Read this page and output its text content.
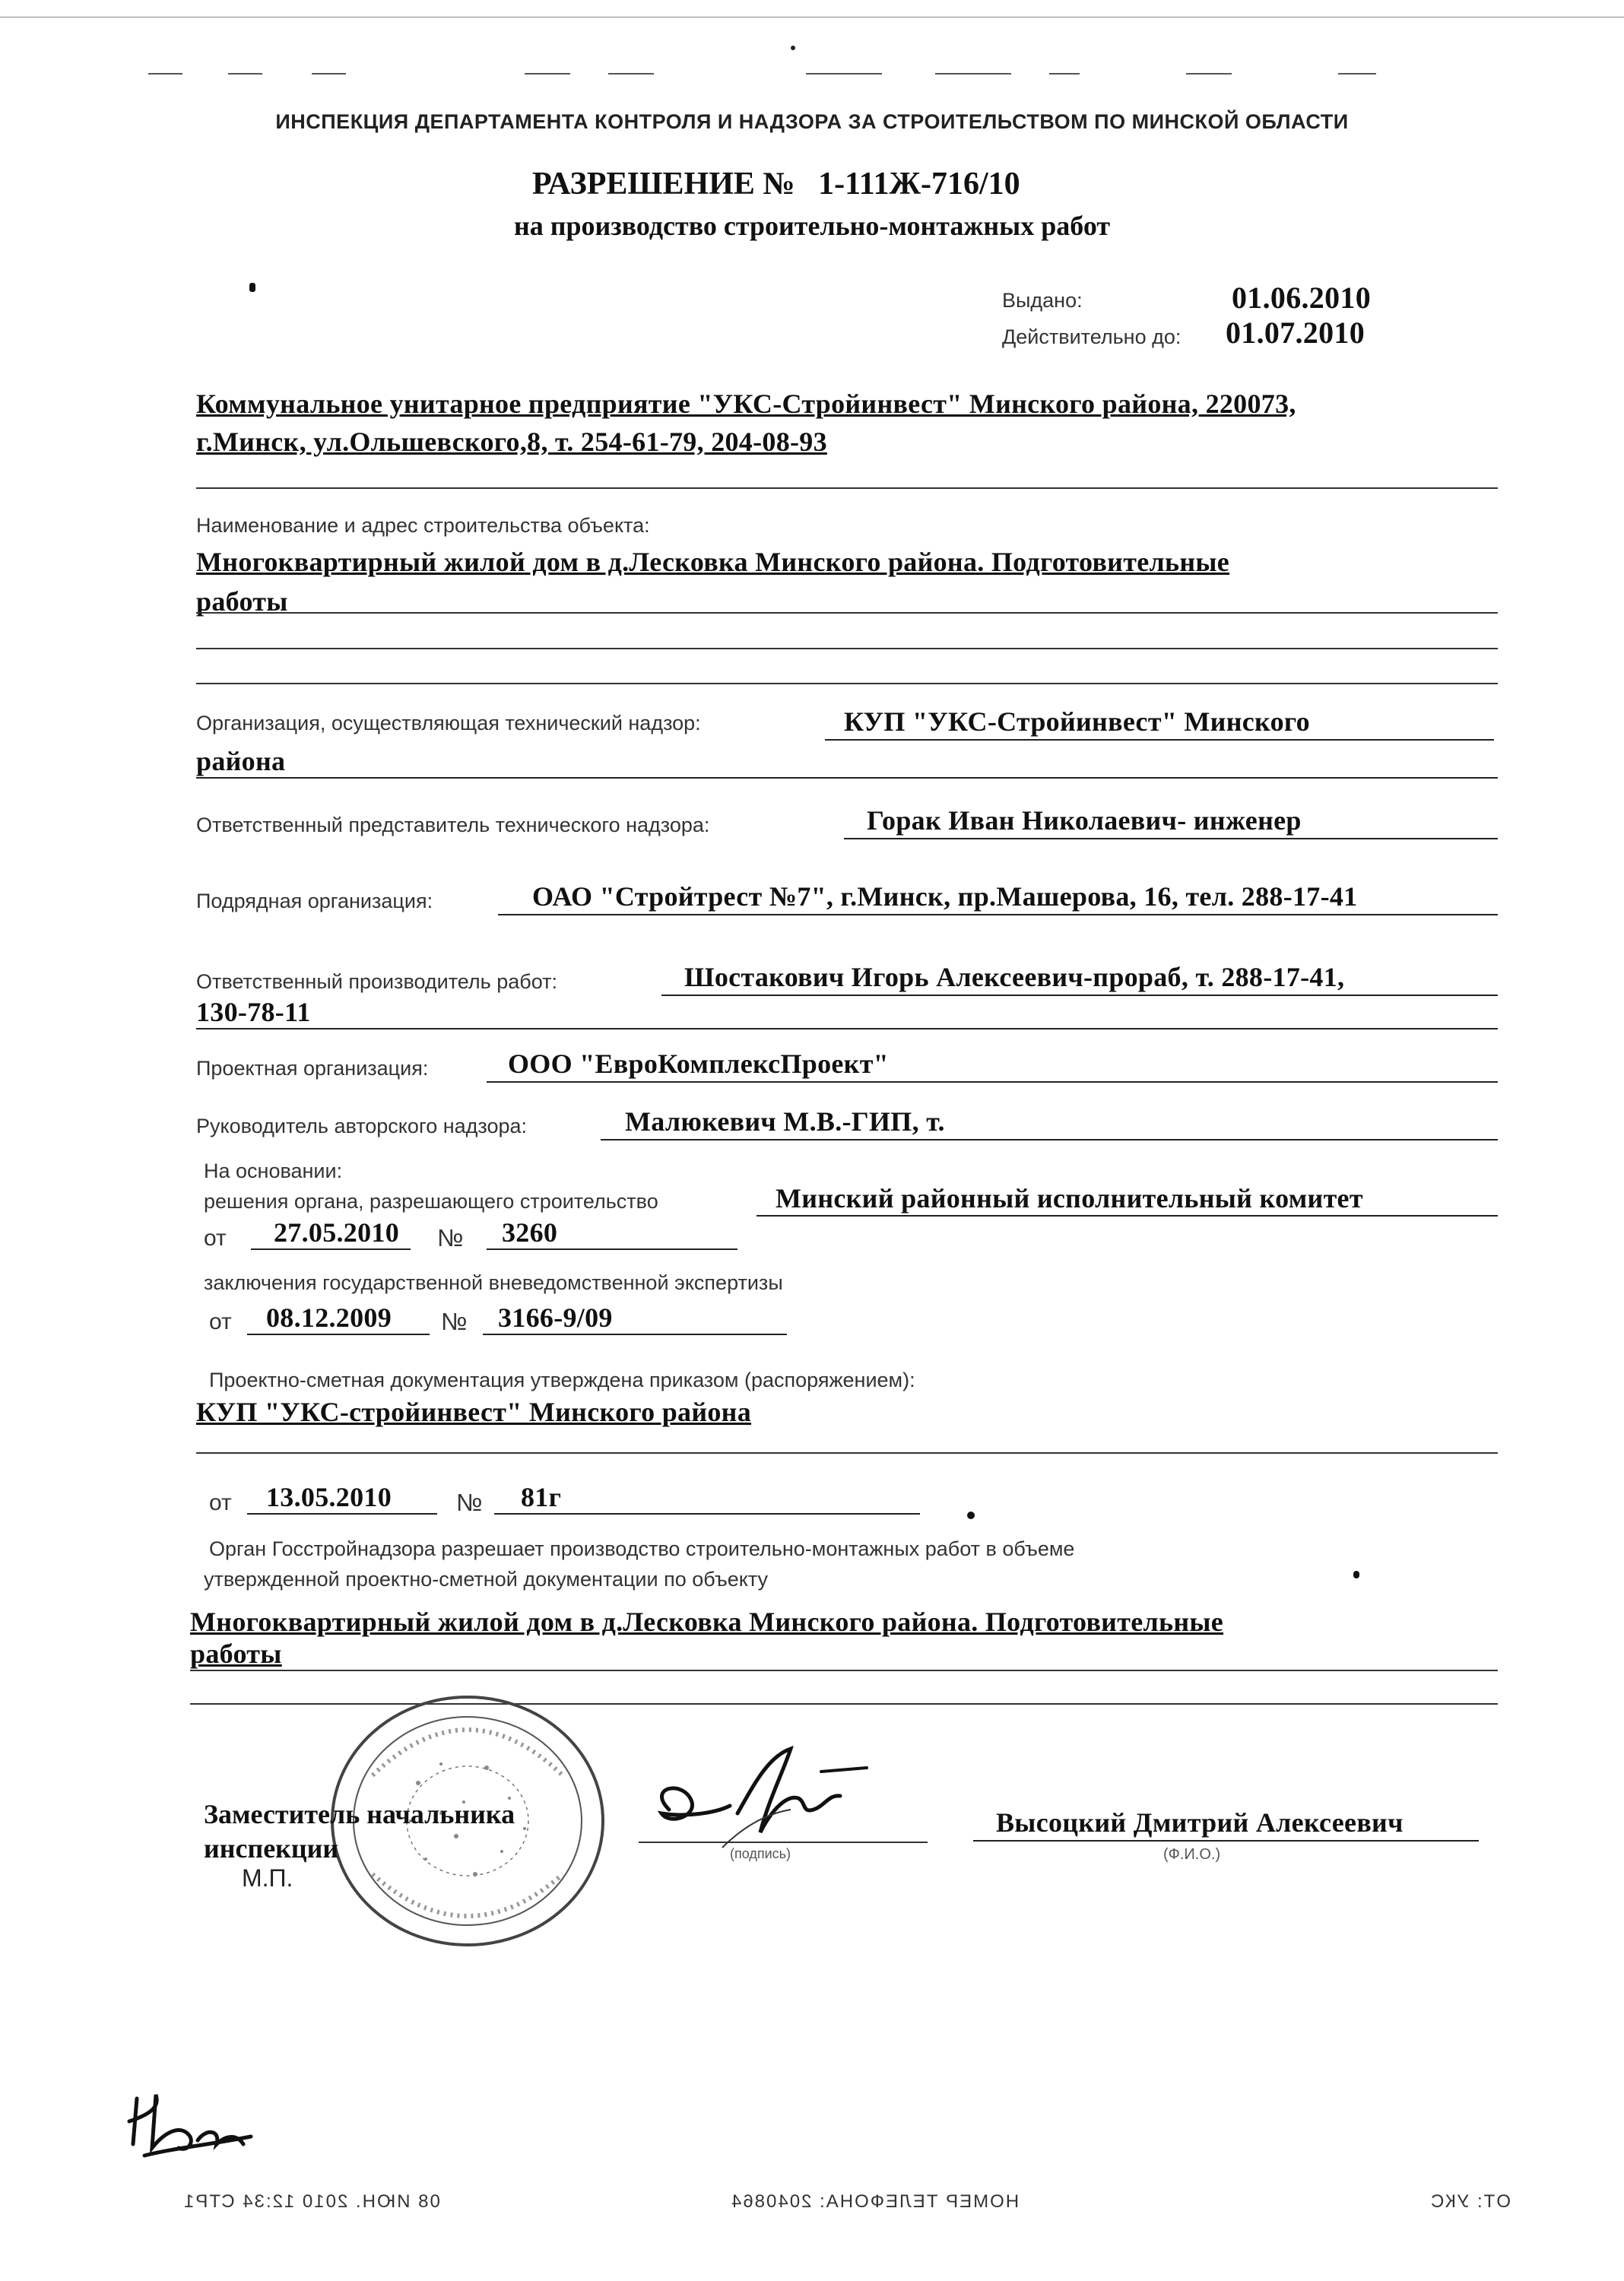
ИНСПЕКЦИЯ ДЕПАРТАМЕНТА КОНТРОЛЯ И НАДЗОРА ЗА СТРОИТЕЛЬСТВОМ ПО МИНСКОЙ ОБЛАСТИ
РАЗРЕШЕНИЕ № 1-111Ж-716/10
на производство строительно-монтажных работ
Выдано:	01.06.2010
Действительно до: 01.07.2010
Коммунальное унитарное предприятие "УКС-Стройинвест" Минского района, 220073,
г.Минск, ул.Ольшевского,8, т. 254-61-79, 204-08-93
Наименование и адрес строительства объекта:
Многоквартирный жилой дом в д.Лесковка Минского района. Подготовительные
работы
Организация, осуществляющая технический надзор:	КУП "УКС-Стройинвест" Минского
района
Ответственный представитель технического надзора:	Горак Иван Николаевич- инженер
Подрядная организация:	ОАО "Стройтрест №7", г.Минск, пр.Машерова, 16, тел. 288-17-41
Ответственный производитель работ:	Шостакович Игорь Алексеевич-прораб, т. 288-17-41,
130-78-11
Проектная организация:	ООО "ЕвроКомплексПроект"
Руководитель авторского надзора:	Малюкевич М.В.-ГИП, т.
На основании:
решения органа, разрешающего строительство	Минский районный исполнительный комитет
от 27.05.2010 № 3260
заключения государственной вневедомственной экспертизы
от 08.12.2009 № 3166-9/09
Проектно-сметная документация утверждена приказом (распоряжением):
КУП "УКС-стройинвест" Минского района
от 13.05.2010	№ 81г
Орган Госстройнадзора разрешает производство строительно-монтажных работ в объеме
утвержденной проектно-сметной документации по объекту
Многоквартирный жилой дом в д.Лесковка Минского района. Подготовительные
работы
Заместитель начальника
инспекции
М.П.
(подпись)
Высоцкий Дмитрий Алексеевич
(Ф.И.О.)
08 ИЮН. 2010 12:34 СТР1	НОМЕР ТЕЛЕФОНА: 2040864	ОТ: УКС
